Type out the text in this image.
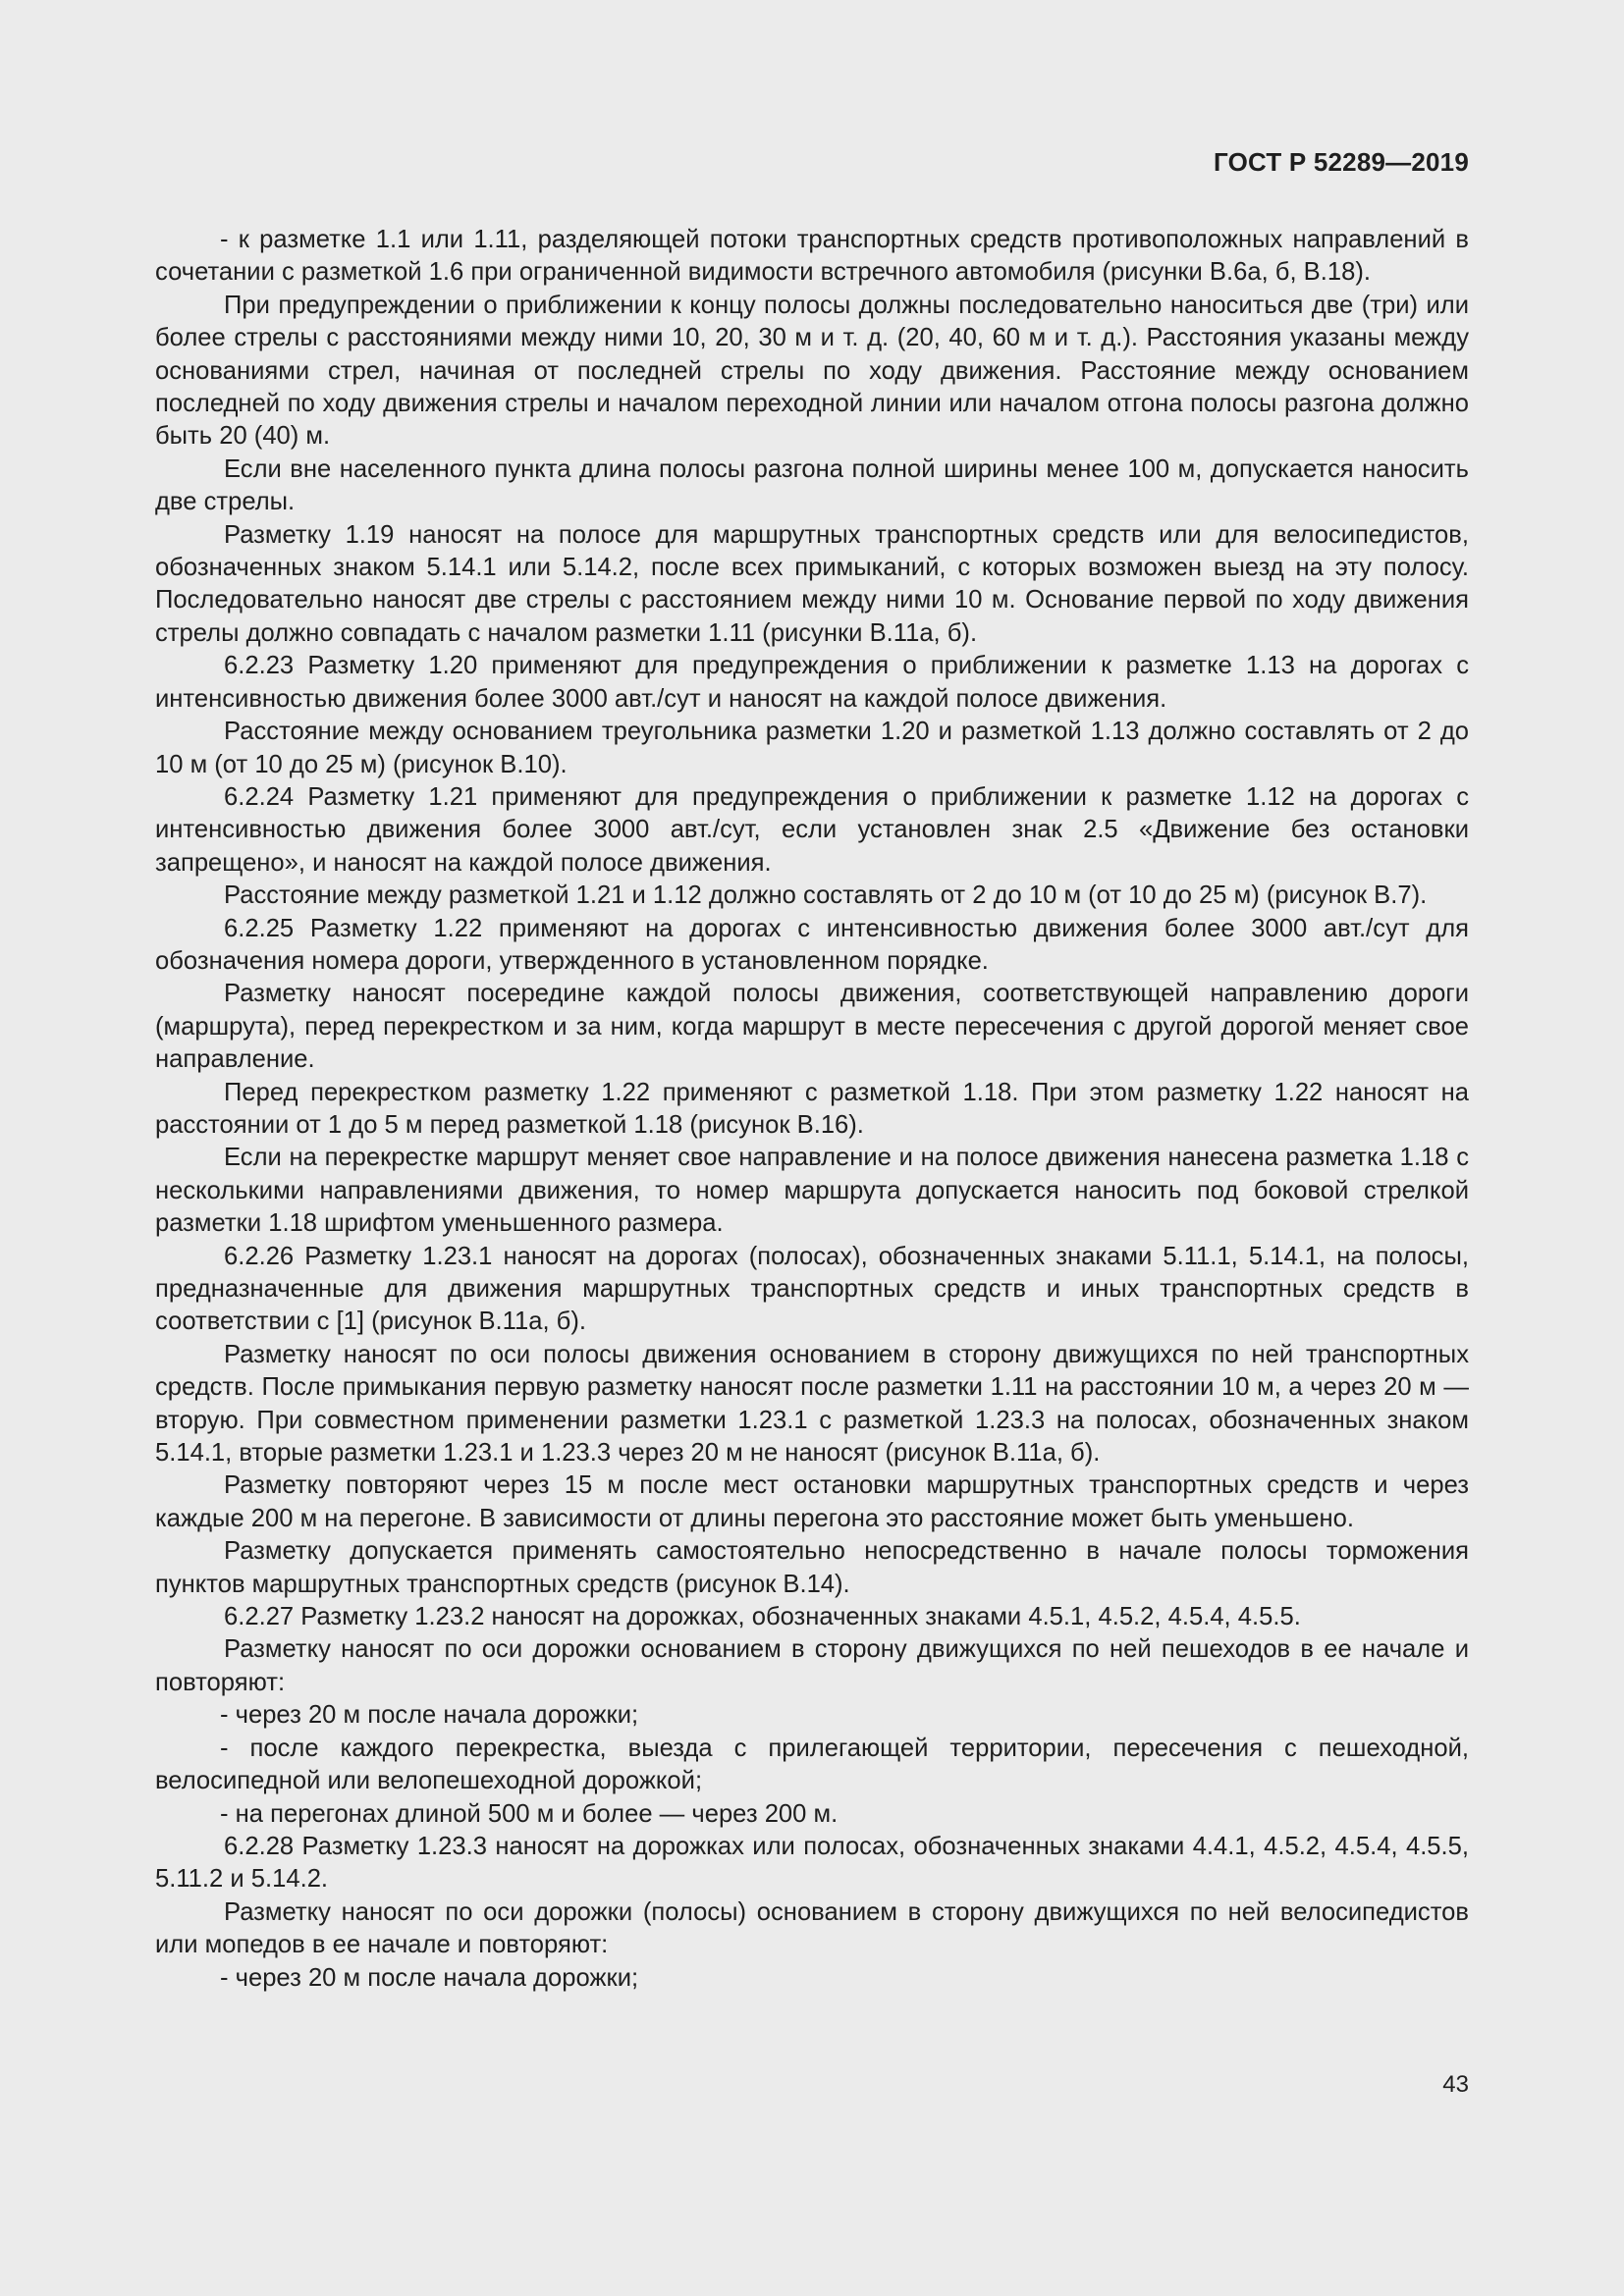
ГОСТ Р 52289—2019

- к разметке 1.1 или 1.11, разделяющей потоки транспортных средств противоположных направлений в сочетании с разметкой 1.6 при ограниченной видимости встречного автомобиля (рисунки В.6а, б, В.18).

При предупреждении о приближении к концу полосы должны последовательно наноситься две (три) или более стрелы с расстояниями между ними 10, 20, 30 м и т. д. (20, 40, 60 м и т. д.). Расстояния указаны между основаниями стрел, начиная от последней стрелы по ходу движения. Расстояние между основанием последней по ходу движения стрелы и началом переходной линии или началом отгона полосы разгона должно быть 20 (40) м.

Если вне населенного пункта длина полосы разгона полной ширины менее 100 м, допускается наносить две стрелы.

Разметку 1.19 наносят на полосе для маршрутных транспортных средств или для велосипедистов, обозначенных знаком 5.14.1 или 5.14.2, после всех примыканий, с которых возможен выезд на эту полосу. Последовательно наносят две стрелы с расстоянием между ними 10 м. Основание первой по ходу движения стрелы должно совпадать с началом разметки 1.11 (рисунки В.11а, б).

6.2.23 Разметку 1.20 применяют для предупреждения о приближении к разметке 1.13 на дорогах с интенсивностью движения более 3000 авт./сут и наносят на каждой полосе движения.

Расстояние между основанием треугольника разметки 1.20 и разметкой 1.13 должно составлять от 2 до 10 м (от 10 до 25 м) (рисунок В.10).

6.2.24 Разметку 1.21 применяют для предупреждения о приближении к разметке 1.12 на дорогах с интенсивностью движения более 3000 авт./сут, если установлен знак 2.5 «Движение без остановки запрещено», и наносят на каждой полосе движения.

Расстояние между разметкой 1.21 и 1.12 должно составлять от 2 до 10 м (от 10 до 25 м) (рисунок В.7).

6.2.25 Разметку 1.22 применяют на дорогах с интенсивностью движения более 3000 авт./сут для обозначения номера дороги, утвержденного в установленном порядке.

Разметку наносят посередине каждой полосы движения, соответствующей направлению дороги (маршрута), перед перекрестком и за ним, когда маршрут в месте пересечения с другой дорогой меняет свое направление.

Перед перекрестком разметку 1.22 применяют с разметкой 1.18. При этом разметку 1.22 наносят на расстоянии от 1 до 5 м перед разметкой 1.18 (рисунок В.16).

Если на перекрестке маршрут меняет свое направление и на полосе движения нанесена разметка 1.18 с несколькими направлениями движения, то номер маршрута допускается наносить под боковой стрелкой разметки 1.18 шрифтом уменьшенного размера.

6.2.26 Разметку 1.23.1 наносят на дорогах (полосах), обозначенных знаками 5.11.1, 5.14.1, на полосы, предназначенные для движения маршрутных транспортных средств и иных транспортных средств в соответствии с [1] (рисунок В.11а, б).

Разметку наносят по оси полосы движения основанием в сторону движущихся по ней транспортных средств. После примыкания первую разметку наносят после разметки 1.11 на расстоянии 10 м, а через 20 м — вторую. При совместном применении разметки 1.23.1 с разметкой 1.23.3 на полосах, обозначенных знаком 5.14.1, вторые разметки 1.23.1 и 1.23.3 через 20 м не наносят (рисунок В.11а, б).

Разметку повторяют через 15 м после мест остановки маршрутных транспортных средств и через каждые 200 м на перегоне. В зависимости от длины перегона это расстояние может быть уменьшено.

Разметку допускается применять самостоятельно непосредственно в начале полосы торможения пунктов маршрутных транспортных средств (рисунок В.14).

6.2.27 Разметку 1.23.2 наносят на дорожках, обозначенных знаками 4.5.1, 4.5.2, 4.5.4, 4.5.5.

Разметку наносят по оси дорожки основанием в сторону движущихся по ней пешеходов в ее начале и повторяют:

- через 20 м после начала дорожки;

- после каждого перекрестка, выезда с прилегающей территории, пересечения с пешеходной, велосипедной или велопешеходной дорожкой;

- на перегонах длиной 500 м и более — через 200 м.

6.2.28 Разметку 1.23.3 наносят на дорожках или полосах, обозначенных знаками 4.4.1, 4.5.2, 4.5.4, 4.5.5, 5.11.2 и 5.14.2.

Разметку наносят по оси дорожки (полосы) основанием в сторону движущихся по ней велосипедистов или мопедов в ее начале и повторяют:

- через 20 м после начала дорожки;

43
